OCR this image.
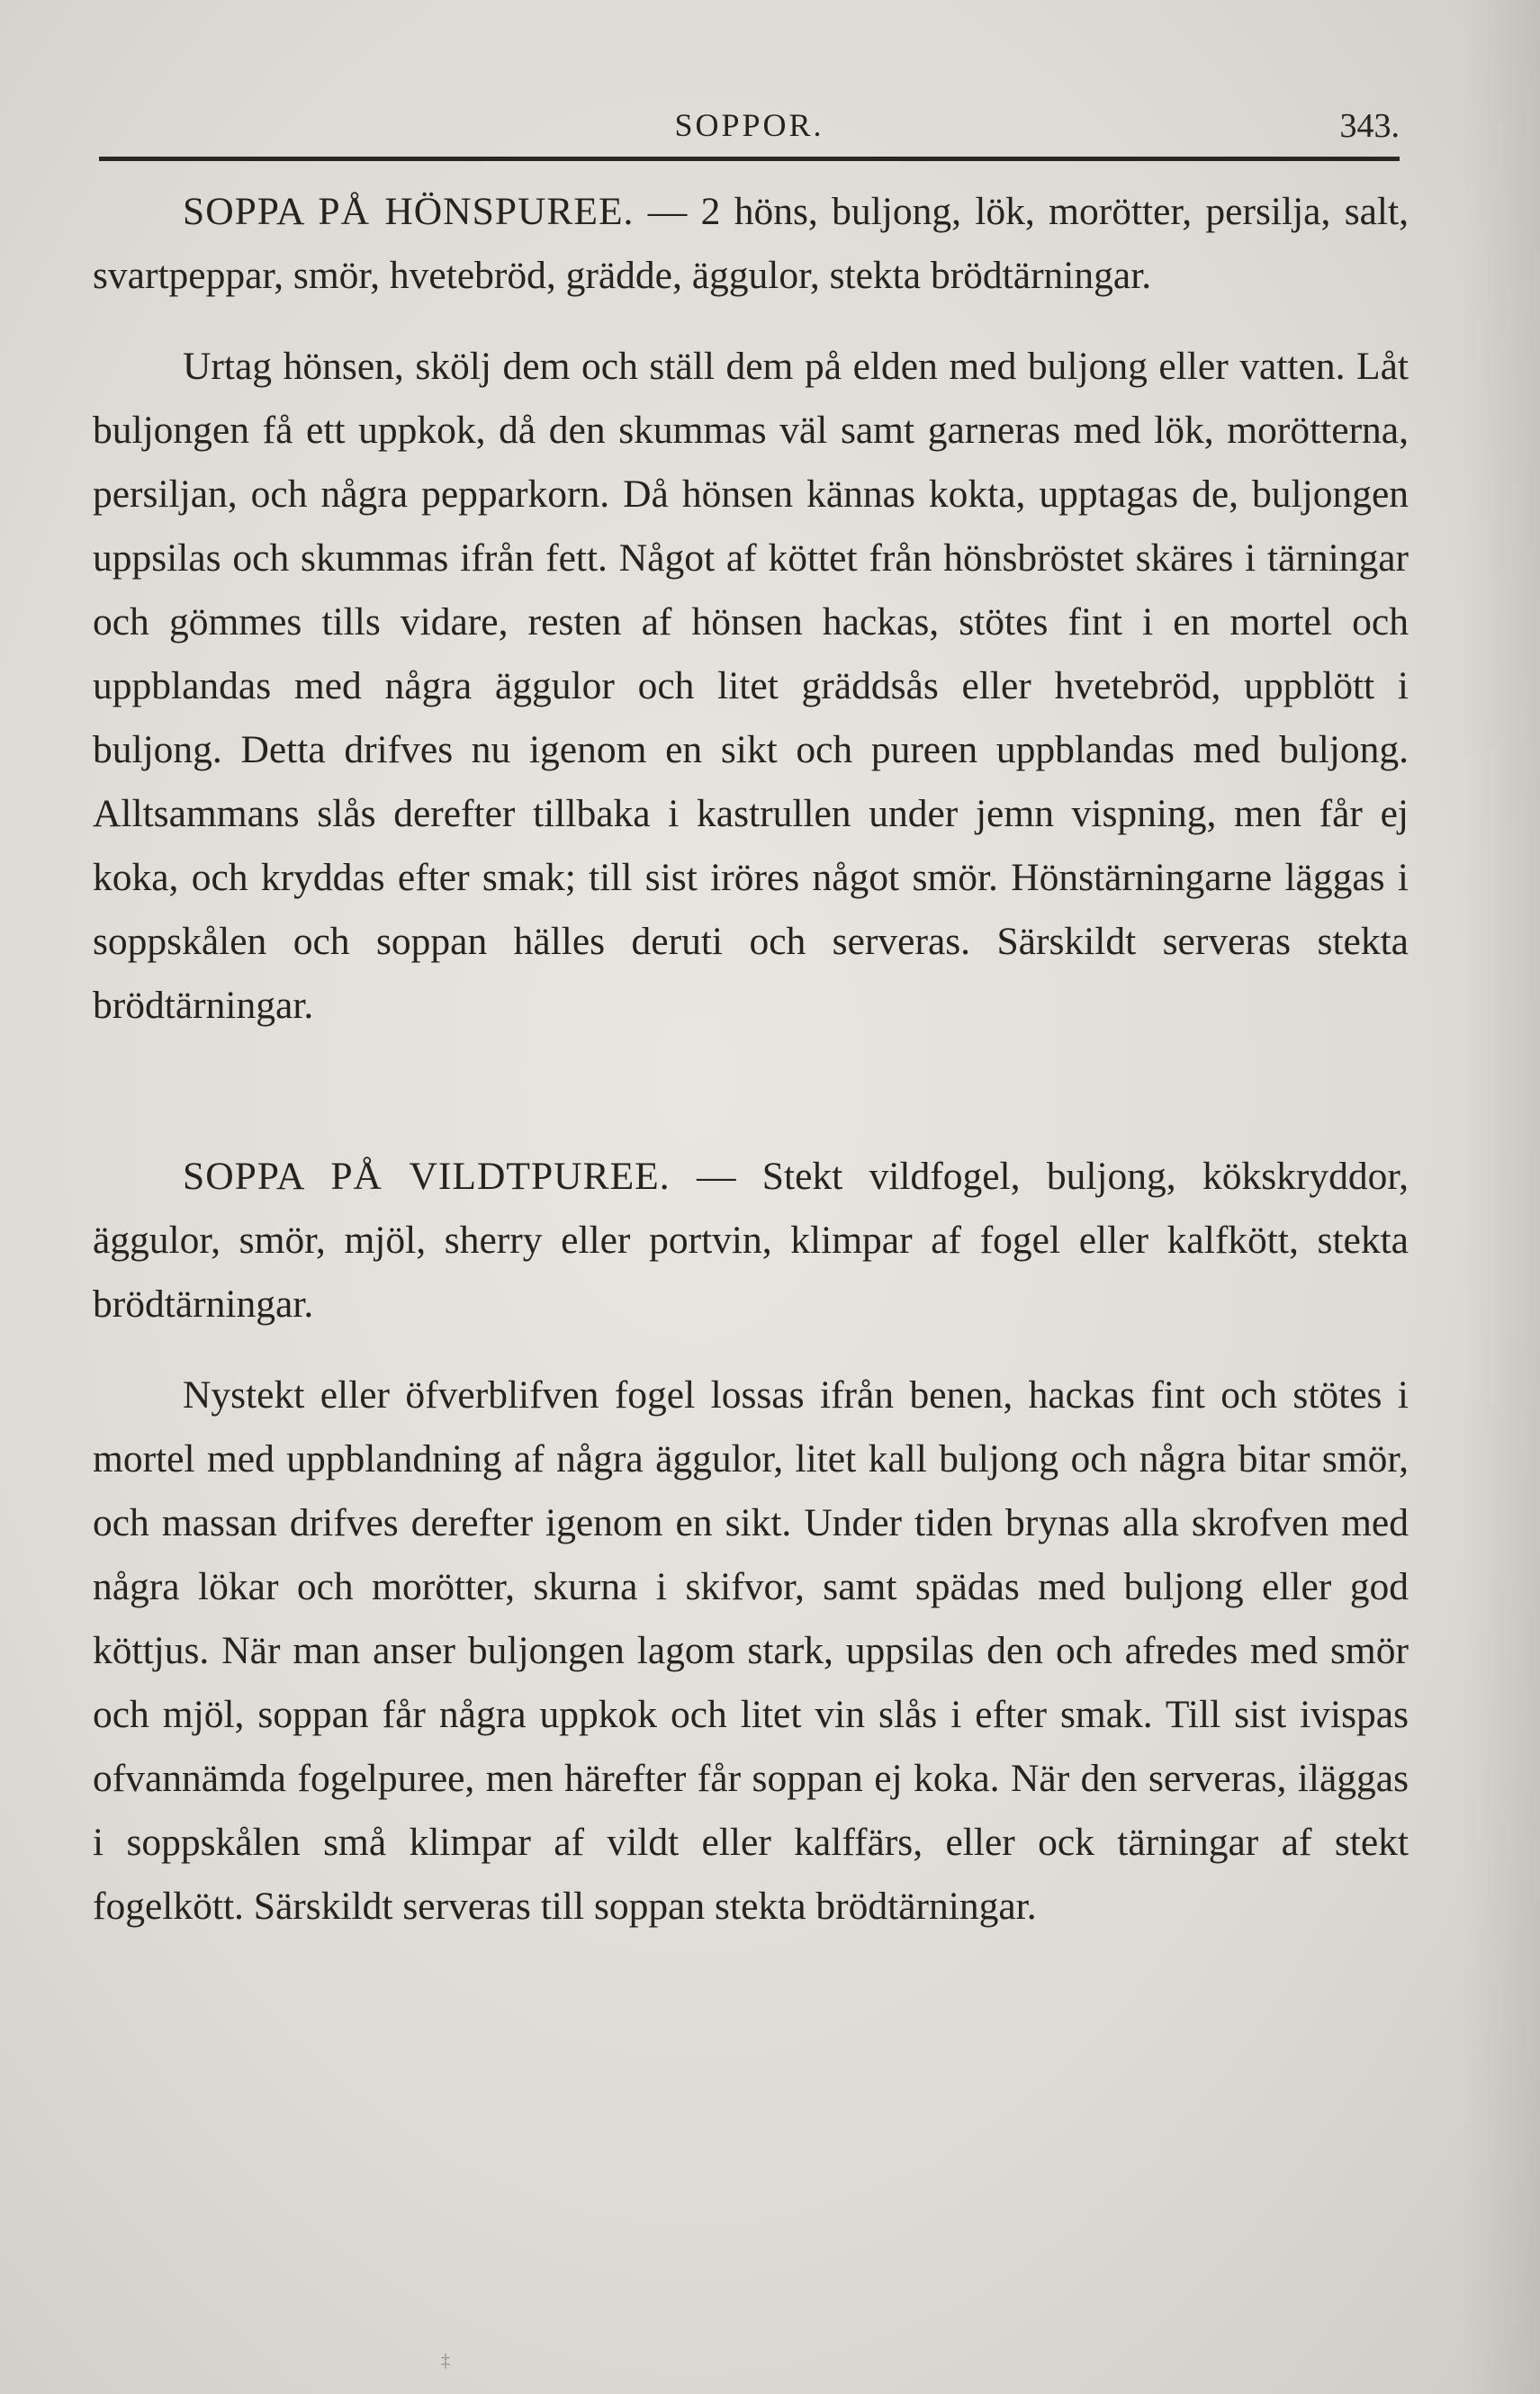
SOPPOR.	343.

SOPPA PÅ HÖNSPUREE. — 2 höns, buljong, lök, morötter, persilja, salt, svartpeppar, smör, hvetebröd, grädde, äggulor, stekta brödtärningar.

Urtag hönsen, skölj dem och ställ dem på elden med buljong eller vatten. Låt buljongen få ett uppkok, då den skummas väl samt garneras med lök, morötterna, persiljan, och några pepparkorn. Då hönsen kännas kokta, upptagas de, buljongen uppsilas och skummas ifrån fett. Något af köttet från hönsbröstet skäres i tärningar och gömmes tills vidare, resten af hönsen hackas, stötes fint i en mortel och uppblandas med några äggulor och litet gräddsås eller hvetebröd, uppblött i buljong. Detta drifves nu igenom en sikt och pureen uppblandas med buljong. Alltsammans slås derefter tillbaka i kastrullen under jemn vispning, men får ej koka, och kryddas efter smak; till sist iröres något smör. Hönstärningarne läggas i soppskålen och soppan hälles deruti och serveras. Särskildt serveras stekta brödtärningar.

SOPPA PÅ VILDTPUREE. — Stekt vildfogel, buljong, kökskryddor, äggulor, smör, mjöl, sherry eller portvin, klimpar af fogel eller kalfkött, stekta brödtärningar.

Nystekt eller öfverblifven fogel lossas ifrån benen, hackas fint och stötes i mortel med uppblandning af några äggulor, litet kall buljong och några bitar smör, och massan drifves derefter igenom en sikt. Under tiden brynas alla skrofven med några lökar och morötter, skurna i skifvor, samt spädas med buljong eller god köttjus. När man anser buljongen lagom stark, uppsilas den och afredes med smör och mjöl, soppan får några uppkok och litet vin slås i efter smak. Till sist ivispas ofvannämda fogelpuree, men härefter får soppan ej koka. När den serveras, iläggas i soppskålen små klimpar af vildt eller kalffärs, eller ock tärningar af stekt fogelkött. Särskildt serveras till soppan stekta brödtärningar.

‡
